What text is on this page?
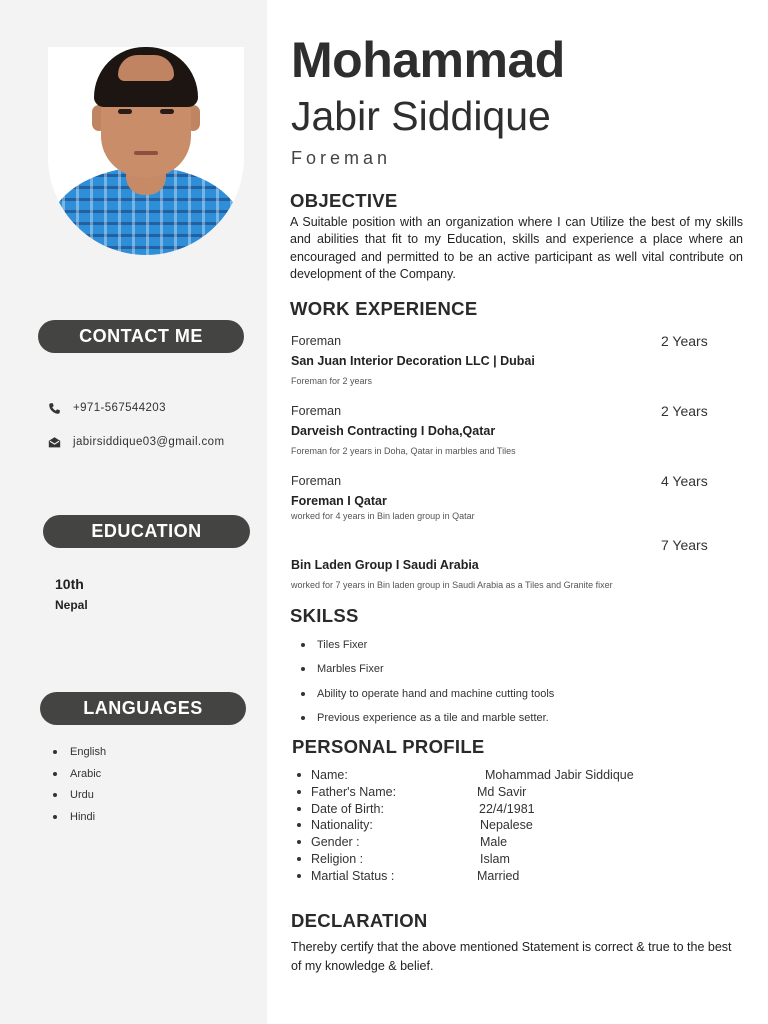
CONTACT ME
+971-567544203
jabirsiddique03@gmail.com
EDUCATION
10th
Nepal
LANGUAGES
English
Arabic
Urdu
Hindi
Mohammad
Jabir Siddique
Foreman
OBJECTIVE
A Suitable position with an organization where I can Utilize the best of my skills and abilities that fit to my Education, skills and experience a place where an encouraged and permitted to be an active participant as well vital contribute on development of the Company.
WORK EXPERIENCE
Foreman	2 Years
San Juan Interior Decoration LLC | Dubai
Foreman for 2 years
Foreman	2 Years
Darveish Contracting I Doha,Qatar
Foreman for 2 years in Doha, Qatar in marbles and Tiles
Foreman	4 Years
Foreman I Qatar
worked for 4 years in Bin laden group in Qatar
7 Years
Bin Laden Group I Saudi Arabia
worked for 7 years in Bin laden group in Saudi Arabia as a Tiles and Granite fixer
SKILSS
Tiles Fixer
Marbles Fixer
Ability to operate hand and machine cutting tools
Previous experience as a tile and marble setter.
PERSONAL PROFILE
Name:	Mohammad Jabir Siddique
Father's Name:	Md Savir
Date of Birth:	22/4/1981
Nationality:	Nepalese
Gender :	Male
Religion :	Islam
Martial Status :	Married
DECLARATION
Thereby certify that the above mentioned Statement is correct & true to the best of my knowledge & belief.
